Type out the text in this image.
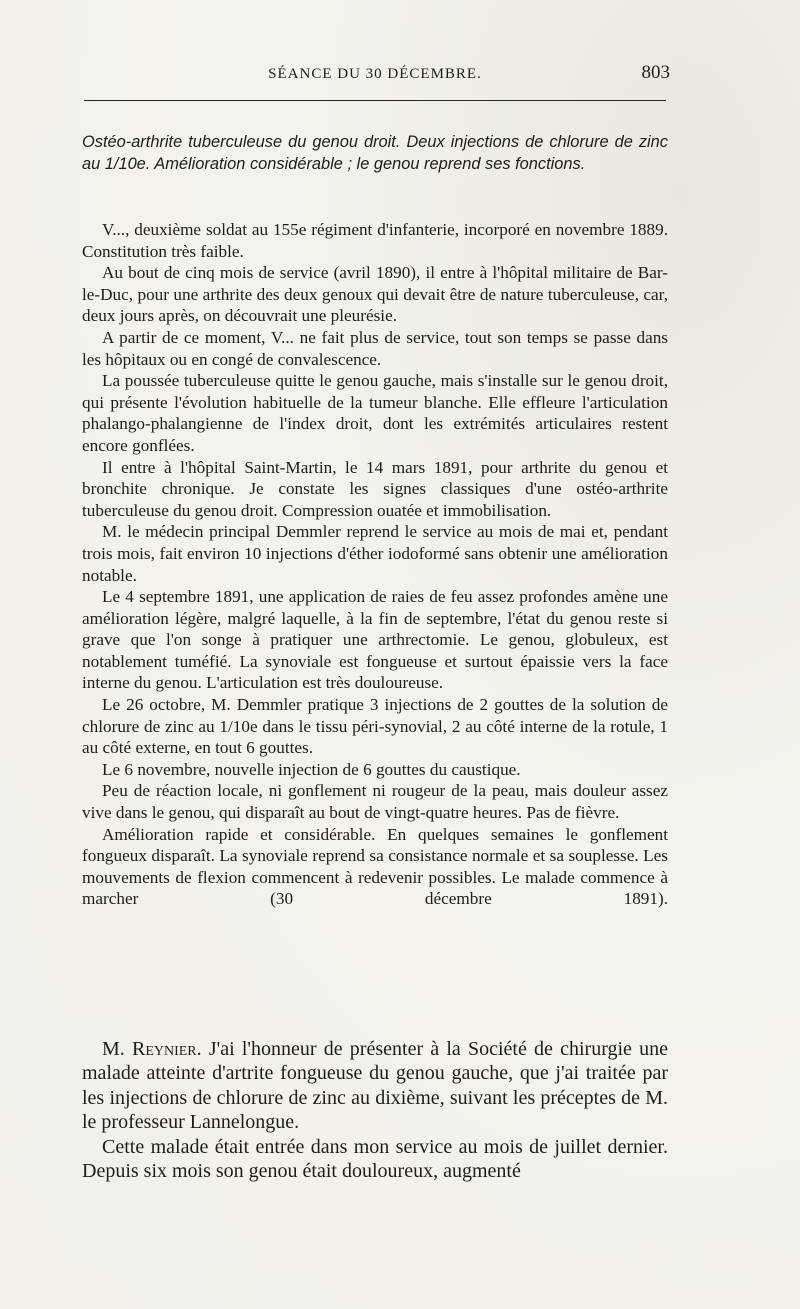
SÉANCE DU 30 DÉCEMBRE.	803
Ostéo-arthrite tuberculeuse du genou droit. Deux injections de chlorure de zinc au 1/10e. Amélioration considérable ; le genou reprend ses fonctions.

V..., deuxième soldat au 155e régiment d'infanterie, incorporé en novembre 1889. Constitution très faible.

Au bout de cinq mois de service (avril 1890), il entre à l'hôpital militaire de Bar-le-Duc, pour une arthrite des deux genoux qui devait être de nature tuberculeuse, car, deux jours après, on découvrait une pleurésie.

A partir de ce moment, V... ne fait plus de service, tout son temps se passe dans les hôpitaux ou en congé de convalescence.

La poussée tuberculeuse quitte le genou gauche, mais s'installe sur le genou droit, qui présente l'évolution habituelle de la tumeur blanche. Elle effleure l'articulation phalango-phalangienne de l'index droit, dont les extrémités articulaires restent encore gonflées.

Il entre à l'hôpital Saint-Martin, le 14 mars 1891, pour arthrite du genou et bronchite chronique. Je constate les signes classiques d'une ostéo-arthrite tuberculeuse du genou droit. Compression ouatée et immobilisation.

M. le médecin principal Demmler reprend le service au mois de mai et, pendant trois mois, fait environ 10 injections d'éther iodoformé sans obtenir une amélioration notable.

Le 4 septembre 1891, une application de raies de feu assez profondes amène une amélioration légère, malgré laquelle, à la fin de septembre, l'état du genou reste si grave que l'on songe à pratiquer une arthrectomie. Le genou, globuleux, est notablement tuméfié. La synoviale est fongueuse et surtout épaissie vers la face interne du genou. L'articulation est très douloureuse.

Le 26 octobre, M. Demmler pratique 3 injections de 2 gouttes de la solution de chlorure de zinc au 1/10e dans le tissu péri-synovial, 2 au côté interne de la rotule, 1 au côté externe, en tout 6 gouttes.

Le 6 novembre, nouvelle injection de 6 gouttes du caustique.

Peu de réaction locale, ni gonflement ni rougeur de la peau, mais douleur assez vive dans le genou, qui disparaît au bout de vingt-quatre heures. Pas de fièvre.

Amélioration rapide et considérable. En quelques semaines le gonflement fongueux disparaît. La synoviale reprend sa consistance normale et sa souplesse. Les mouvements de flexion commencent à redevenir possibles. Le malade commence à marcher (30 décembre 1891).

M. Reynier. J'ai l'honneur de présenter à la Société de chirurgie une malade atteinte d'artrite fongueuse du genou gauche, que j'ai traitée par les injections de chlorure de zinc au dixième, suivant les préceptes de M. le professeur Lannelongue.

Cette malade était entrée dans mon service au mois de juillet dernier. Depuis six mois son genou était douloureux, augmenté
